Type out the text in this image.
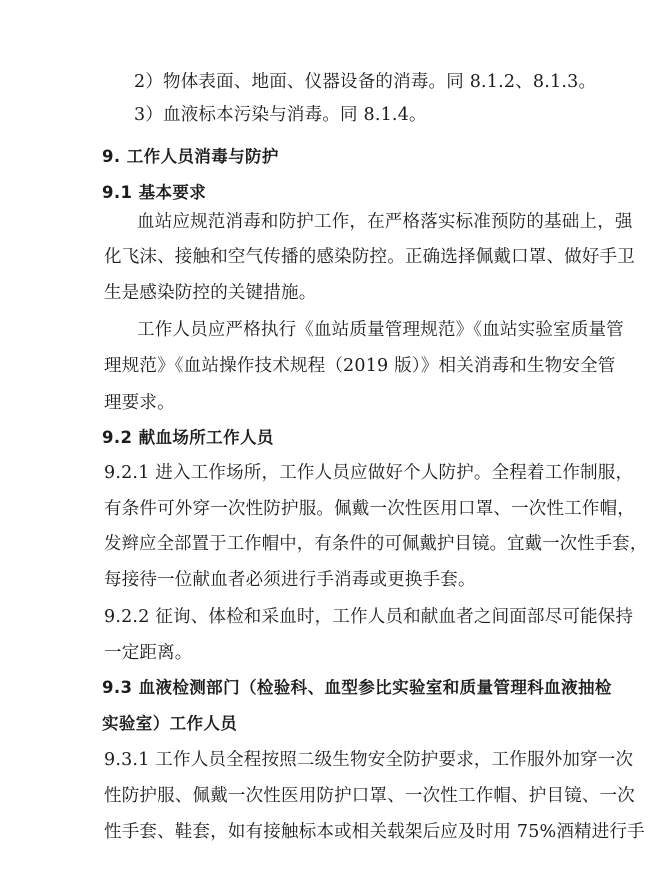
2）物体表面、地面、仪器设备的消毒。同 8.1.2、8.1.3。
3）血液标本污染与消毒。同 8.1.4。
9. 工作人员消毒与防护
9.1 基本要求
血站应规范消毒和防护工作，在严格落实标准预防的基础上，强
化飞沫、接触和空气传播的感染防控。正确选择佩戴口罩、做好手卫
生是感染防控的关键措施。
工作人员应严格执行《血站质量管理规范》《血站实验室质量管
理规范》《血站操作技术规程（2019 版）》相关消毒和生物安全管
理要求。
9.2 献血场所工作人员
9.2.1 进入工作场所，工作人员应做好个人防护。全程着工作制服，
有条件可外穿一次性防护服。佩戴一次性医用口罩、一次性工作帽，
发辫应全部置于工作帽中，有条件的可佩戴护目镜。宜戴一次性手套，
每接待一位献血者必须进行手消毒或更换手套。
9.2.2 征询、体检和采血时，工作人员和献血者之间面部尽可能保持
一定距离。
9.3 血液检测部门（检验科、血型参比实验室和质量管理科血液抽检
实验室）工作人员
9.3.1 工作人员全程按照二级生物安全防护要求，工作服外加穿一次
性防护服、佩戴一次性医用防护口罩、一次性工作帽、护目镜、一次
性手套、鞋套，如有接触标本或相关载架后应及时用 75%酒精进行手
